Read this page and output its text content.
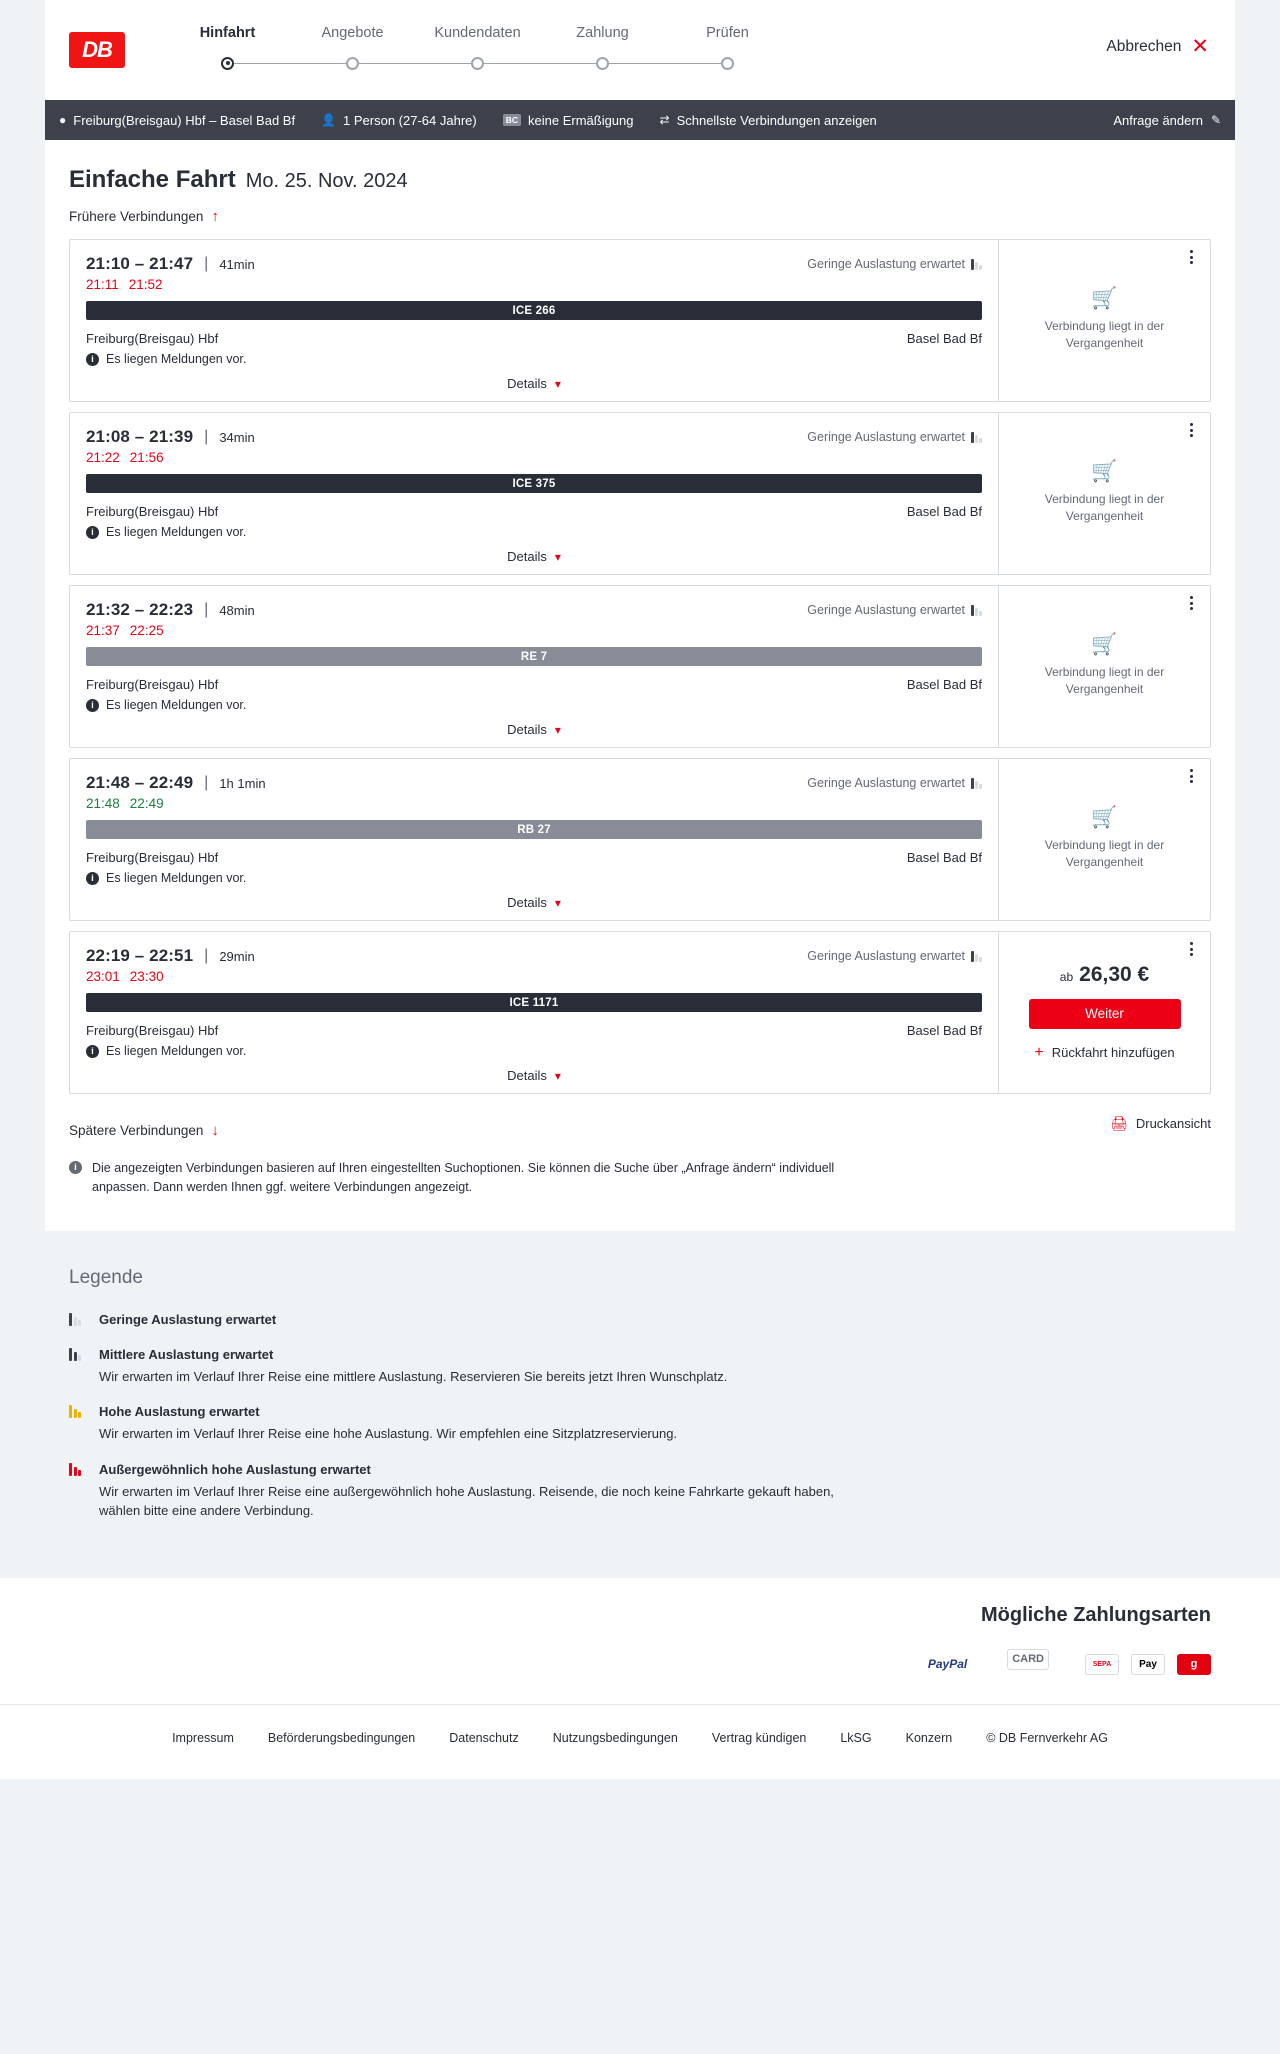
DB
Hinfahrt	Angebote	Kundendaten	Zahlung	Prüfen
Abbrechen ✕
● Freiburg(Breisgau) Hbf – Basel Bad Bf 👤 1 Person (27-64 Jahre)	BC keine Ermäßigung ⇄ Schnellste Verbindungen anzeigen	Anfrage ändern ✎
Einfache Fahrt Mo. 25. Nov. 2024
Frühere Verbindungen ↑
21:10 – 21:47 | 41min	Geringe Auslastung erwartet
21:11 21:52
ICE 266
Freiburg(Breisgau) Hbf	Basel Bad Bf
i Es liegen Meldungen vor.
Details ▾
🛒
Verbindung liegt in der Vergangenheit
21:08 – 21:39 | 34min	Geringe Auslastung erwartet
21:22 21:56
ICE 375
Freiburg(Breisgau) Hbf	Basel Bad Bf
i Es liegen Meldungen vor.
Details ▾
🛒
Verbindung liegt in der Vergangenheit
21:32 – 22:23 | 48min	Geringe Auslastung erwartet
21:37 22:25
RE 7
Freiburg(Breisgau) Hbf	Basel Bad Bf
i Es liegen Meldungen vor.
Details ▾
🛒
Verbindung liegt in der Vergangenheit
21:48 – 22:49 | 1h 1min	Geringe Auslastung erwartet
21:48 22:49
RB 27
Freiburg(Breisgau) Hbf	Basel Bad Bf
i Es liegen Meldungen vor.
Details ▾
🛒
Verbindung liegt in der Vergangenheit
22:19 – 22:51 | 29min	Geringe Auslastung erwartet
23:01 23:30
ICE 1171
Freiburg(Breisgau) Hbf	Basel Bad Bf
i Es liegen Meldungen vor.
Details ▾
ab 26,30 €
Weiter
+ Rückfahrt hinzufügen
Spätere Verbindungen ↓	🖨 Druckansicht
i	Die angezeigten Verbindungen basieren auf Ihren eingestellten Suchoptionen. Sie können die Suche über „Anfrage ändern“ individuell anpassen. Dann werden Ihnen ggf. weitere Verbindungen angezeigt.
Legende
Geringe Auslastung erwartet
Mittlere Auslastung erwartet
Wir erwarten im Verlauf Ihrer Reise eine mittlere Auslastung. Reservieren Sie bereits jetzt Ihren Wunschplatz.
Hohe Auslastung erwartet
Wir erwarten im Verlauf Ihrer Reise eine hohe Auslastung. Wir empfehlen eine Sitzplatzreservierung.
Außergewöhnlich hohe Auslastung erwartet
Wir erwarten im Verlauf Ihrer Reise eine außergewöhnlich hohe Auslastung. Reisende, die noch keine Fahrkarte gekauft haben, wählen bitte eine andere Verbindung.
Mögliche Zahlungsarten
PayPal	CARD	SEPA	Pay	g
Impressum	Beförderungsbedingungen	Datenschutz	Nutzungsbedingungen	Vertrag kündigen	LkSG	Konzern	© DB Fernverkehr AG
